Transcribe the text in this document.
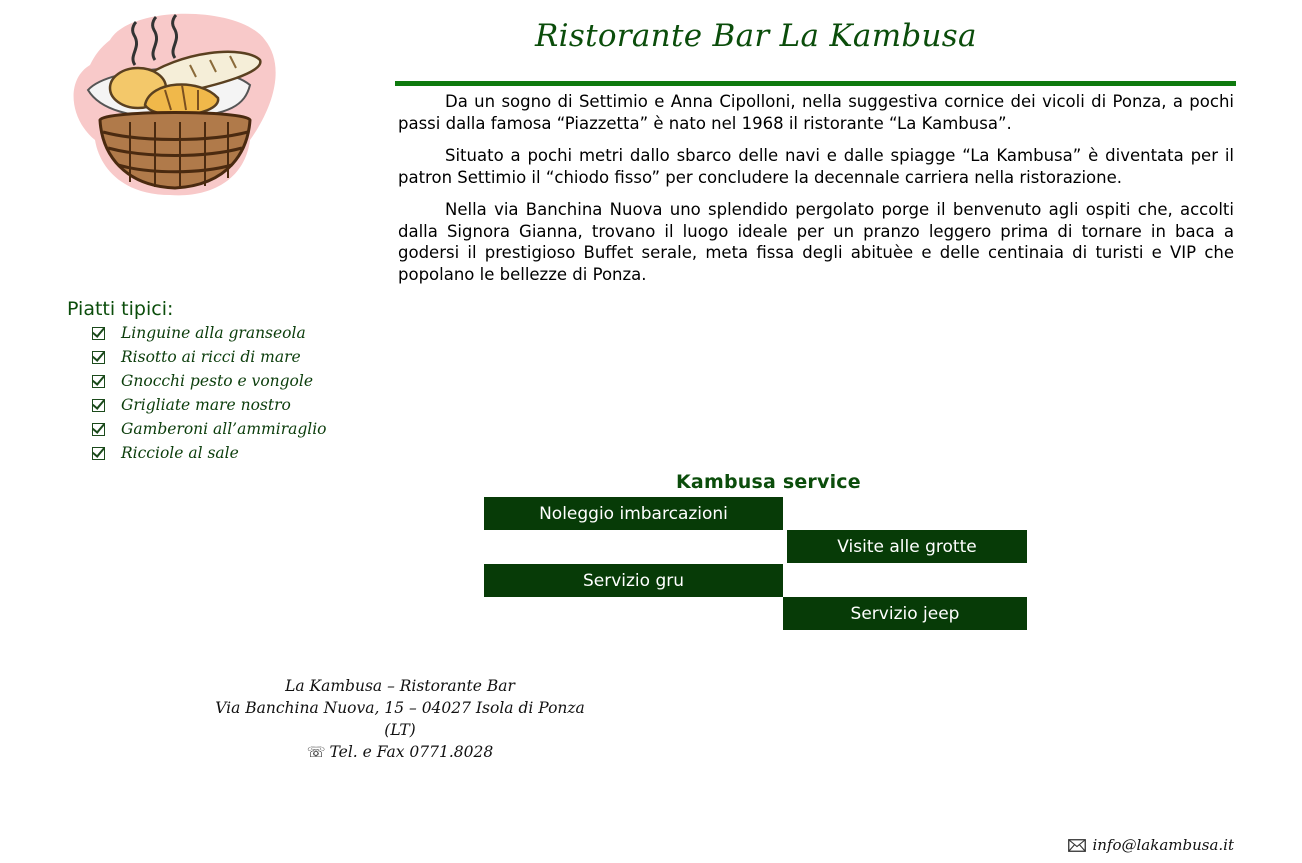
Ristorante Bar La Kambusa

Da un sogno di Settimio e Anna Cipolloni, nella suggestiva cornice dei vicoli di Ponza, a pochi passi dalla famosa “Piazzetta” è nato nel 1968 il ristorante “La Kambusa”.

Situato a pochi metri dallo sbarco delle navi e dalle spiagge “La Kambusa” è diventata per il patron Settimio il “chiodo fisso” per concludere la decennale carriera nella ristorazione.

Nella via Banchina Nuova uno splendido pergolato porge il benvenuto agli ospiti che, accolti dalla Signora Gianna, trovano il luogo ideale per un pranzo leggero prima di tornare in baca a godersi il prestigioso Buffet serale, meta fissa degli abituèe e delle centinaia di turisti e VIP che popolano le bellezze di Ponza.

Piatti tipici:
Linguine alla granseola
Risotto ai ricci di mare
Gnocchi pesto e vongole
Grigliate mare nostro
Gamberoni all’ammiraglio
Ricciole al sale
Kambusa service
Noleggio imbarcazioni
Visite alle grotte
Servizio gru
Servizio jeep
La Kambusa – Ristorante Bar
Via Banchina Nuova, 15 – 04027 Isola di Ponza (LT)
☏ Tel. e Fax 0771.8028
info@lakambusa.it
